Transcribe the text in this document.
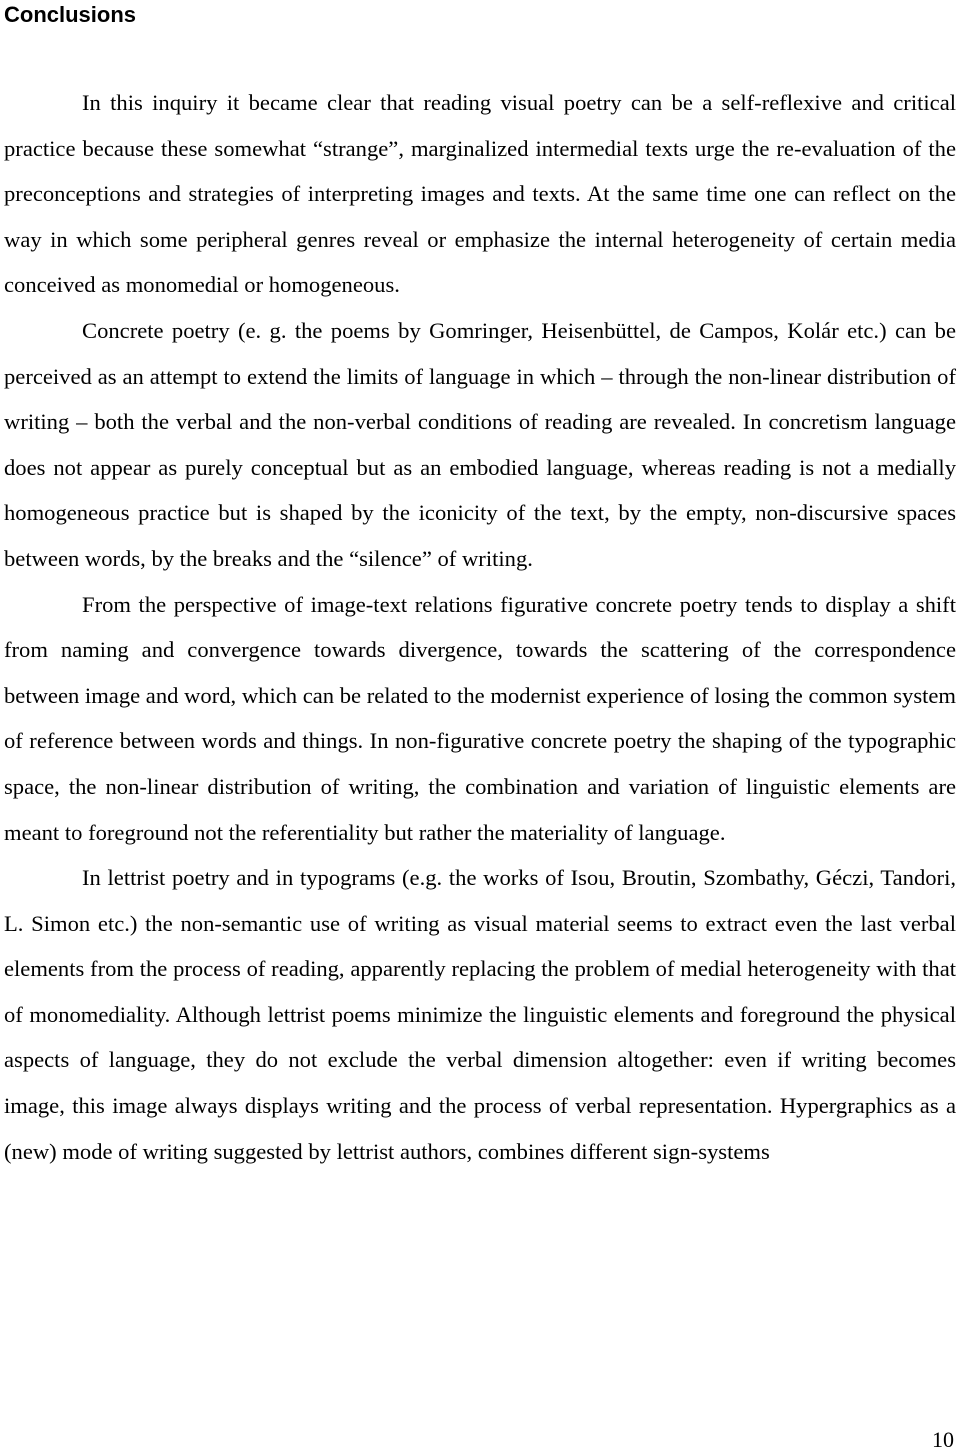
Conclusions

In this inquiry it became clear that reading visual poetry can be a self-reflexive and critical practice because these somewhat “strange”, marginalized intermedial texts urge the re-evaluation of the preconceptions and strategies of interpreting images and texts. At the same time one can reflect on the way in which some peripheral genres reveal or emphasize the internal heterogeneity of certain media conceived as monomedial or homogeneous.

Concrete poetry (e. g. the poems by Gomringer, Heisenbüttel, de Campos, Kolár etc.) can be perceived as an attempt to extend the limits of language in which – through the non-linear distribution of writing – both the verbal and the non-verbal conditions of reading are revealed. In concretism language does not appear as purely conceptual but as an embodied language, whereas reading is not a medially homogeneous practice but is shaped by the iconicity of the text, by the empty, non-discursive spaces between words, by the breaks and the “silence” of writing.

From the perspective of image-text relations figurative concrete poetry tends to display a shift from naming and convergence towards divergence, towards the scattering of the correspondence between image and word, which can be related to the modernist experience of losing the common system of reference between words and things. In non-figurative concrete poetry the shaping of the typographic space, the non-linear distribution of writing, the combination and variation of linguistic elements are meant to foreground not the referentiality but rather the materiality of language.

In lettrist poetry and in typograms (e.g. the works of Isou, Broutin, Szombathy, Géczi, Tandori, L. Simon etc.) the non-semantic use of writing as visual material seems to extract even the last verbal elements from the process of reading, apparently replacing the problem of medial heterogeneity with that of monomediality. Although lettrist poems minimize the linguistic elements and foreground the physical aspects of language, they do not exclude the verbal dimension altogether: even if writing becomes image, this image always displays writing and the process of verbal representation. Hypergraphics as a (new) mode of writing suggested by lettrist authors, combines different sign-systems

10
